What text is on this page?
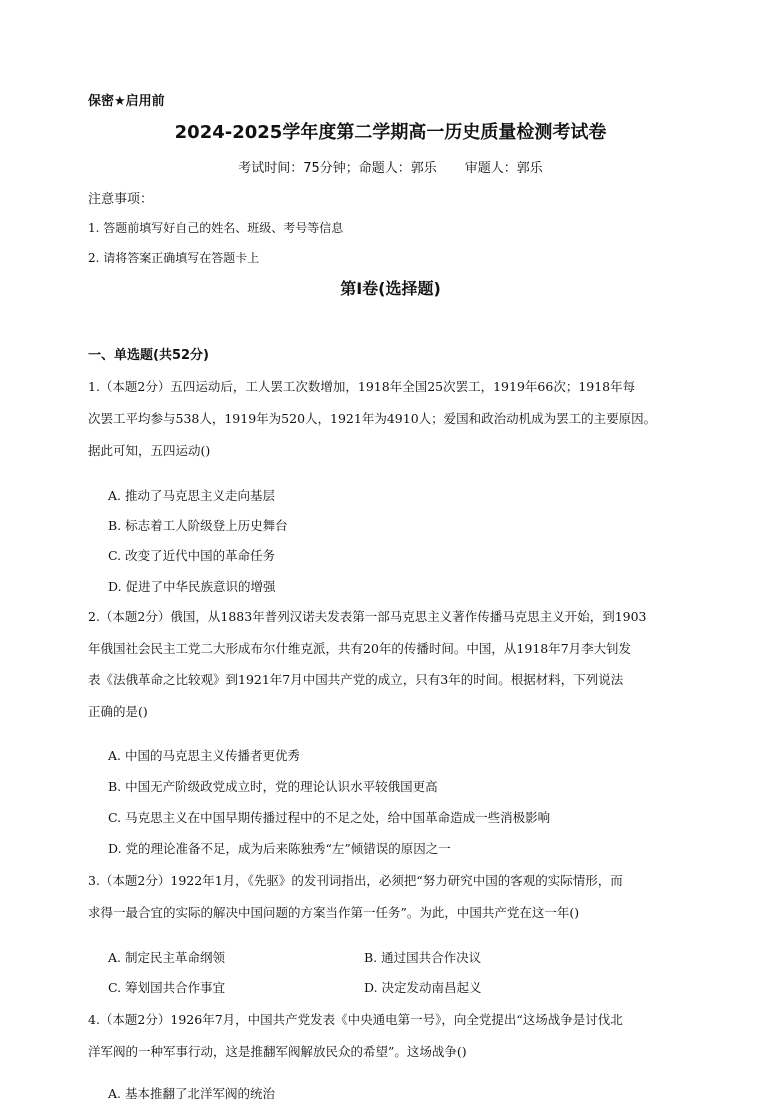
保密★启用前
2024-2025学年度第二学期高一历史质量检测考试卷
考试时间：75分钟；命题人：郭乐 审题人：郭乐
注意事项：
1. 答题前填写好自己的姓名、班级、考号等信息
2. 请将答案正确填写在答题卡上
第I卷(选择题)
一、单选题(共52分)
1.（本题2分）五四运动后，工人罢工次数增加，1918年全国25次罢工，1919年66次；1918年每
次罢工平均参与538人，1919年为520人，1921年为4910人；爱国和政治动机成为罢工的主要原因。
据此可知，五四运动()
A. 推动了马克思主义走向基层
B. 标志着工人阶级登上历史舞台
C. 改变了近代中国的革命任务
D. 促进了中华民族意识的增强
2.（本题2分）俄国，从1883年普列汉诺夫发表第一部马克思主义著作传播马克思主义开始，到1903
年俄国社会民主工党二大形成布尔什维克派，共有20年的传播时间。中国，从1918年7月李大钊发
表《法俄革命之比较观》到1921年7月中国共产党的成立，只有3年的时间。根据材料，下列说法
正确的是()
A. 中国的马克思主义传播者更优秀
B. 中国无产阶级政党成立时，党的理论认识水平较俄国更高
C. 马克思主义在中国早期传播过程中的不足之处，给中国革命造成一些消极影响
D. 党的理论准备不足，成为后来陈独秀“左”倾错误的原因之一
3.（本题2分）1922年1月，《先驱》的发刊词指出，必须把“努力研究中国的客观的实际情形，而
求得一最合宜的实际的解决中国问题的方案当作第一任务”。为此，中国共产党在这一年()
A. 制定民主革命纲领	B. 通过国共合作决议
C. 筹划国共合作事宜	D. 决定发动南昌起义
4.（本题2分）1926年7月，中国共产党发表《中央通电第一号》，向全党提出“这场战争是讨伐北
洋军阀的一种军事行动，这是推翻军阀解放民众的希望”。这场战争()
A. 基本推翻了北洋军阀的统治
